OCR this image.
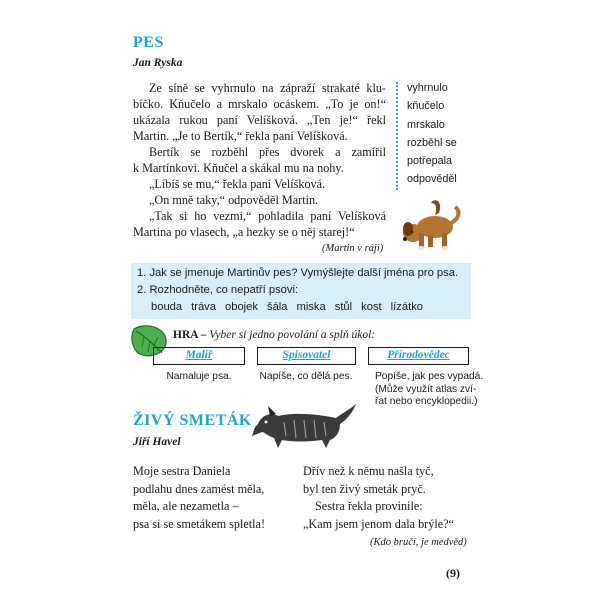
PES
Jan Ryska
Ze síně se vyhrnulo na zápraží strakaté klu-
bíčko. Kňučelo a mrskalo ocáskem. „To je on!“
ukázala rukou paní Velíšková. „Ten je!“ řekl
Martin. „Je to Bertík,“ řekla paní Velíšková.
Bertík se rozběhl přes dvorek a zamířil
k Martínkovi. Kňučel a skákal mu na nohy.
„Líbíš se mu,“ řekla paní Velíšková.
„On mně taky,“ odpověděl Martin.
„Tak si ho vezmi,“ pohladila paní Velíšková
Martina po vlasech, „a hezky se o něj starej!“
(Martin v ráji)
vyhrnulo
kňučelo
mrskalo
rozběhl se
potřepala
odpověděl
1. Jak se jmenuje Martinův pes? Vymýšlejte další jména pro psa.
2. Rozhodněte, co nepatří psovi:
bouda tráva obojek šála miska stůl kost lízátko
HRA – Vyber si jedno povolání a splň úkol:
Malíř	Spisovatel	Přírodovědec
Namaluje psa.	Napíše, co dělá pes.	Popíše, jak pes vypadá.
(Může využít atlas zví-
řat nebo encyklopedii.)
ŽIVÝ SMETÁK
Jiří Havel
Moje sestra Daniela
podlahu dnes zamést měla,
měla, ale nezametla –
psa si se smetákem spletla!
Dřív než k němu našla tyč,
byl ten živý smeták pryč.
Sestra řekla provinile:
„Kam jsem jenom dala brýle?“
(Kdo bručí, je medvěd)
(9)
